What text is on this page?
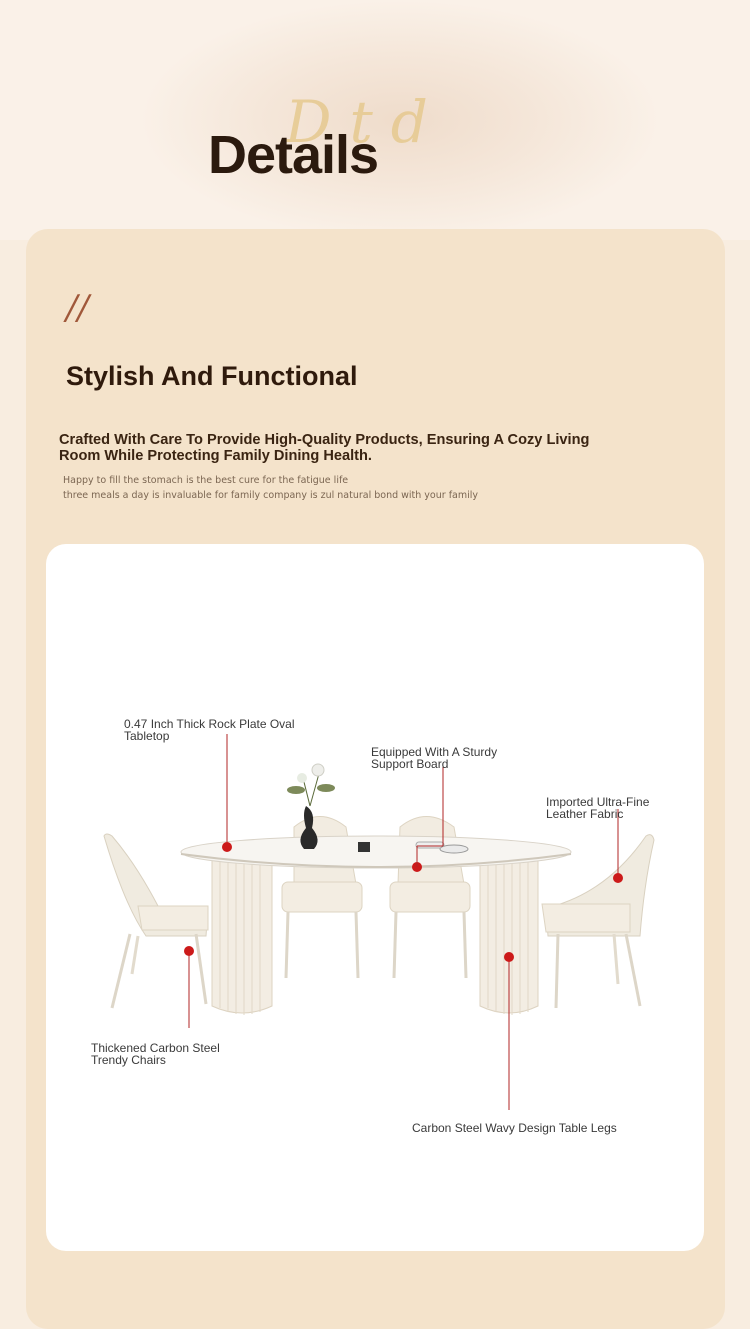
Dtd
Details
//
Stylish And Functional

Crafted With Care To Provide High-Quality Products, Ensuring A Cozy Living Room While Protecting Family Dining Health.

Happy to fill the stomach is the best cure for the fatigue life
three meals a day is invaluable for family company is zul natural bond with your family
0.47 Inch Thick Rock Plate Oval
Tabletop
Equipped With A Sturdy
Support Board
Imported Ultra-Fine
Leather Fabric
Thickened Carbon Steel
Trendy Chairs
Carbon Steel Wavy Design Table Legs
